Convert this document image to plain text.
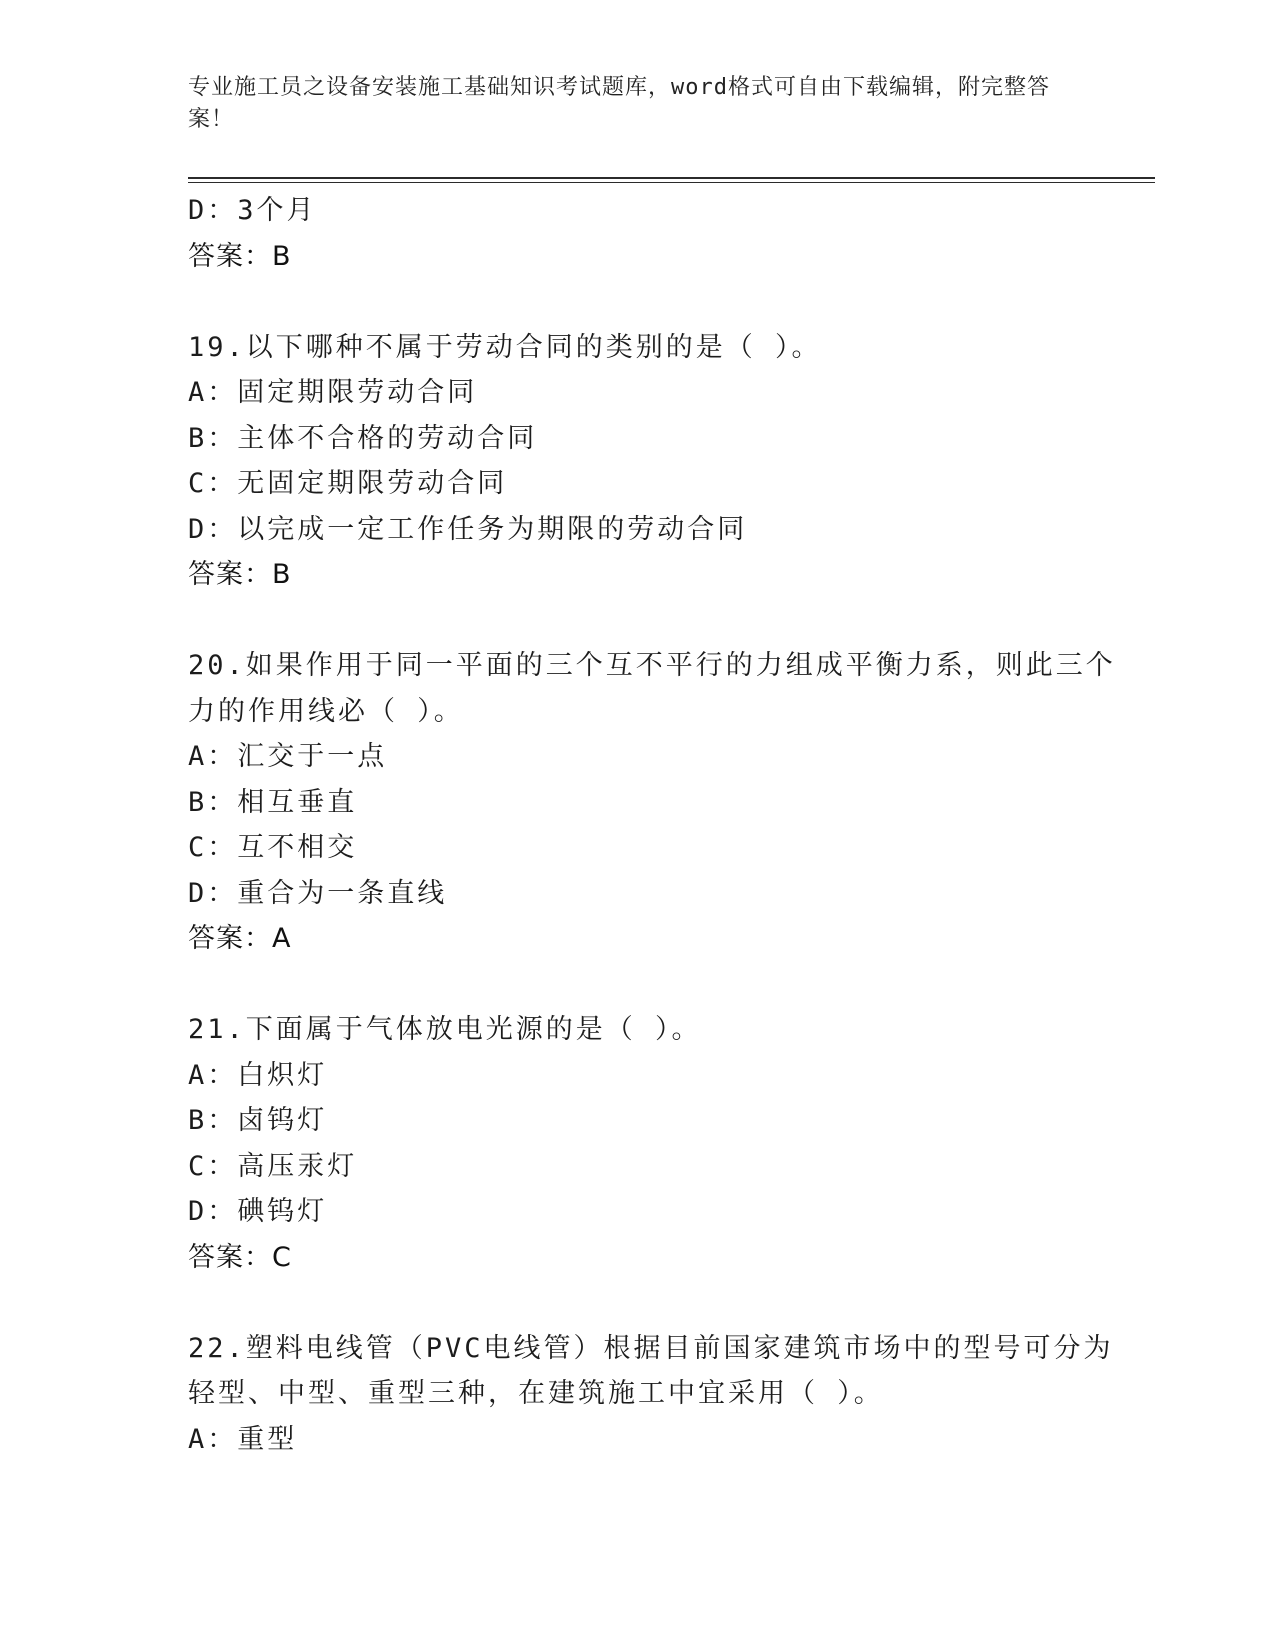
专业施工员之设备安装施工基础知识考试题库，word格式可自由下载编辑，附完整答案！
D：3个月
答案：B
19.以下哪种不属于劳动合同的类别的是（ ）。
A：固定期限劳动合同
B：主体不合格的劳动合同
C：无固定期限劳动合同
D：以完成一定工作任务为期限的劳动合同
答案：B
20.如果作用于同一平面的三个互不平行的力组成平衡力系，则此三个
力的作用线必（ ）。
A：汇交于一点
B：相互垂直
C：互不相交
D：重合为一条直线
答案：A
21.下面属于气体放电光源的是（ ）。
A：白炽灯
B：卤钨灯
C：高压汞灯
D：碘钨灯
答案：C
22.塑料电线管（PVC电线管）根据目前国家建筑市场中的型号可分为
轻型、中型、重型三种，在建筑施工中宜采用（ ）。
A：重型
